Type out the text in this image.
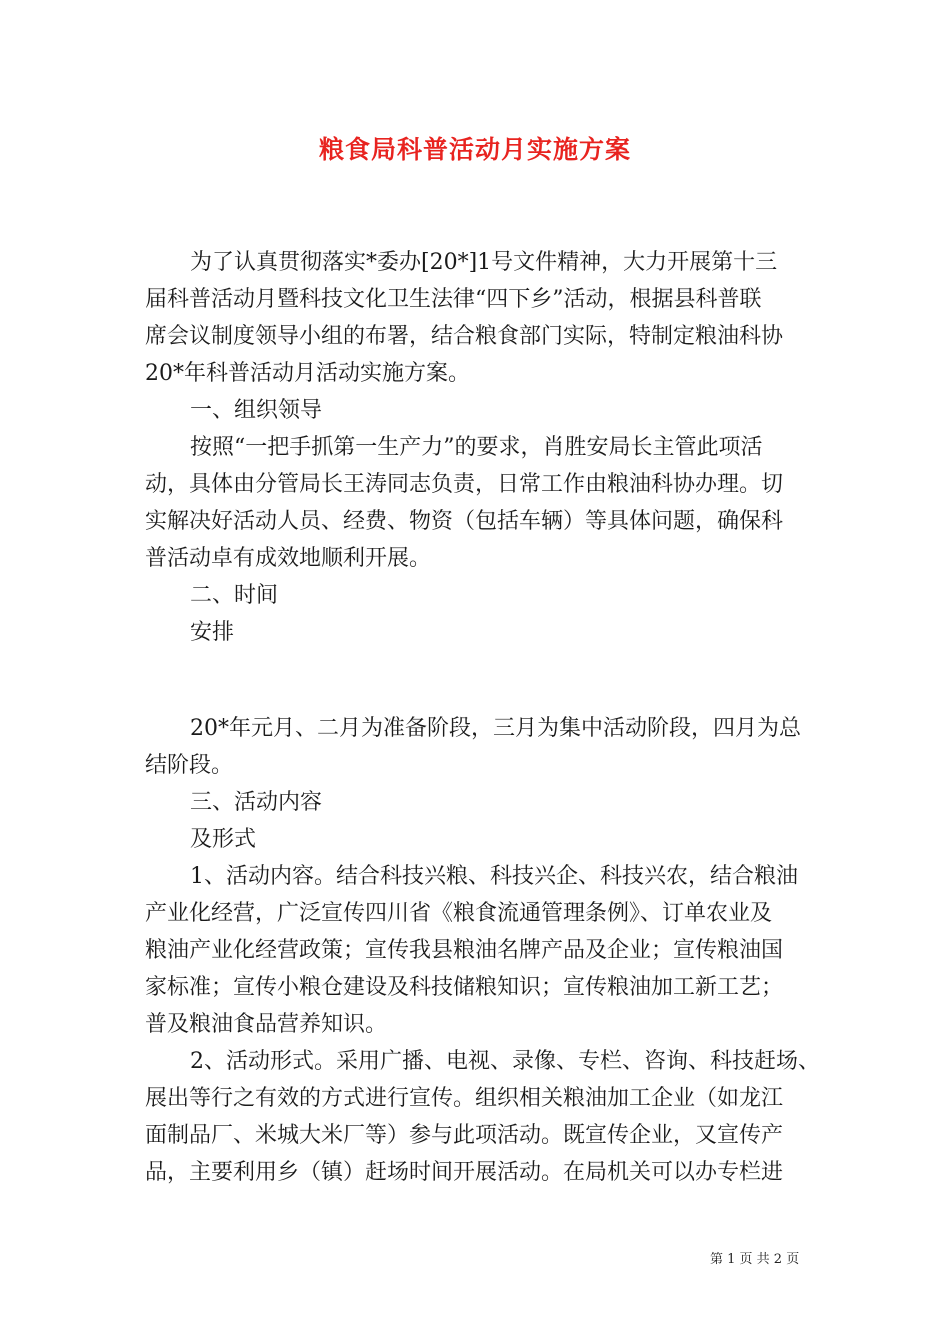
粮食局科普活动月实施方案

为了认真贯彻落实*委办[20*]1号文件精神，大力开展第十三

届科普活动月暨科技文化卫生法律“四下乡”活动，根据县科普联

席会议制度领导小组的布署，结合粮食部门实际，特制定粮油科协

20*年科普活动月活动实施方案。

一、组织领导

按照“一把手抓第一生产力”的要求，肖胜安局长主管此项活

动，具体由分管局长王涛同志负责，日常工作由粮油科协办理。切

实解决好活动人员、经费、物资（包括车辆）等具体问题，确保科

普活动卓有成效地顺利开展。

二、时间

安排

20*年元月、二月为准备阶段，三月为集中活动阶段，四月为总

结阶段。

三、活动内容

及形式

1、活动内容。结合科技兴粮、科技兴企、科技兴农，结合粮油

产业化经营，广泛宣传四川省《粮食流通管理条例》、订单农业及

粮油产业化经营政策；宣传我县粮油名牌产品及企业；宣传粮油国

家标准；宣传小粮仓建设及科技储粮知识；宣传粮油加工新工艺；

普及粮油食品营养知识。

2、活动形式。采用广播、电视、录像、专栏、咨询、科技赶场、

展出等行之有效的方式进行宣传。组织相关粮油加工企业（如龙江

面制品厂、米城大米厂等）参与此项活动。既宣传企业，又宣传产

品，主要利用乡（镇）赶场时间开展活动。在局机关可以办专栏进

第 1 页 共 2 页
